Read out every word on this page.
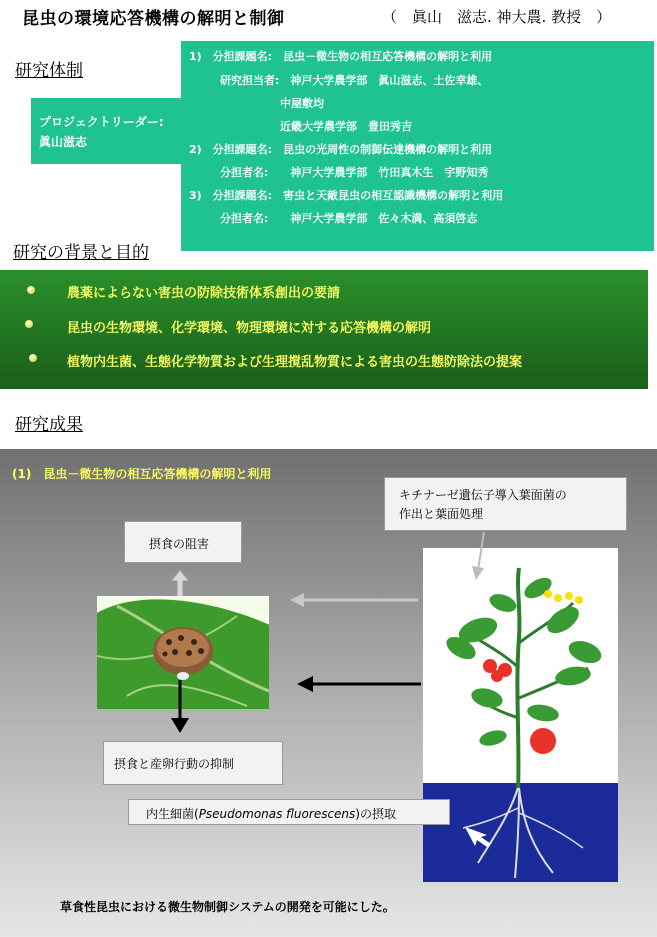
昆虫の環境応答機構の解明と制御	（　眞山　滋志. 神大農. 教授　）
研究体制
1)　分担課題名:　昆虫－微生物の相互応答機構の解明と利用
研究担当者:　神戸大学農学部　眞山滋志、土佐幸雄、
中屋敷均
近畿大学農学部　豊田秀吉
2)　分担課題名:　昆虫の光周性の制御伝達機構の解明と利用
分担者名:　　神戸大学農学部　竹田真木生　宇野知秀
3)　分担課題名:　害虫と天敵昆虫の相互認識機構の解明と利用
分担者名:　　神戸大学農学部　佐々木満、高須啓志
プロジェクトリーダー:
眞山滋志
研究の背景と目的
農薬によらない害虫の防除技術体系創出の要請
昆虫の生物環境、化学環境、物理環境に対する応答機構の解明
植物内生菌、生態化学物質および生理撹乱物質による害虫の生態防除法の提案
研究成果
(1)　昆虫－微生物の相互応答機構の解明と利用
キチナーゼ遺伝子導入葉面菌の
作出と葉面処理
摂食の阻害
摂食と産卵行動の抑制
内生細菌(Pseudomonas fluorescens)の摂取
草食性昆虫における微生物制御システムの開発を可能にした。
